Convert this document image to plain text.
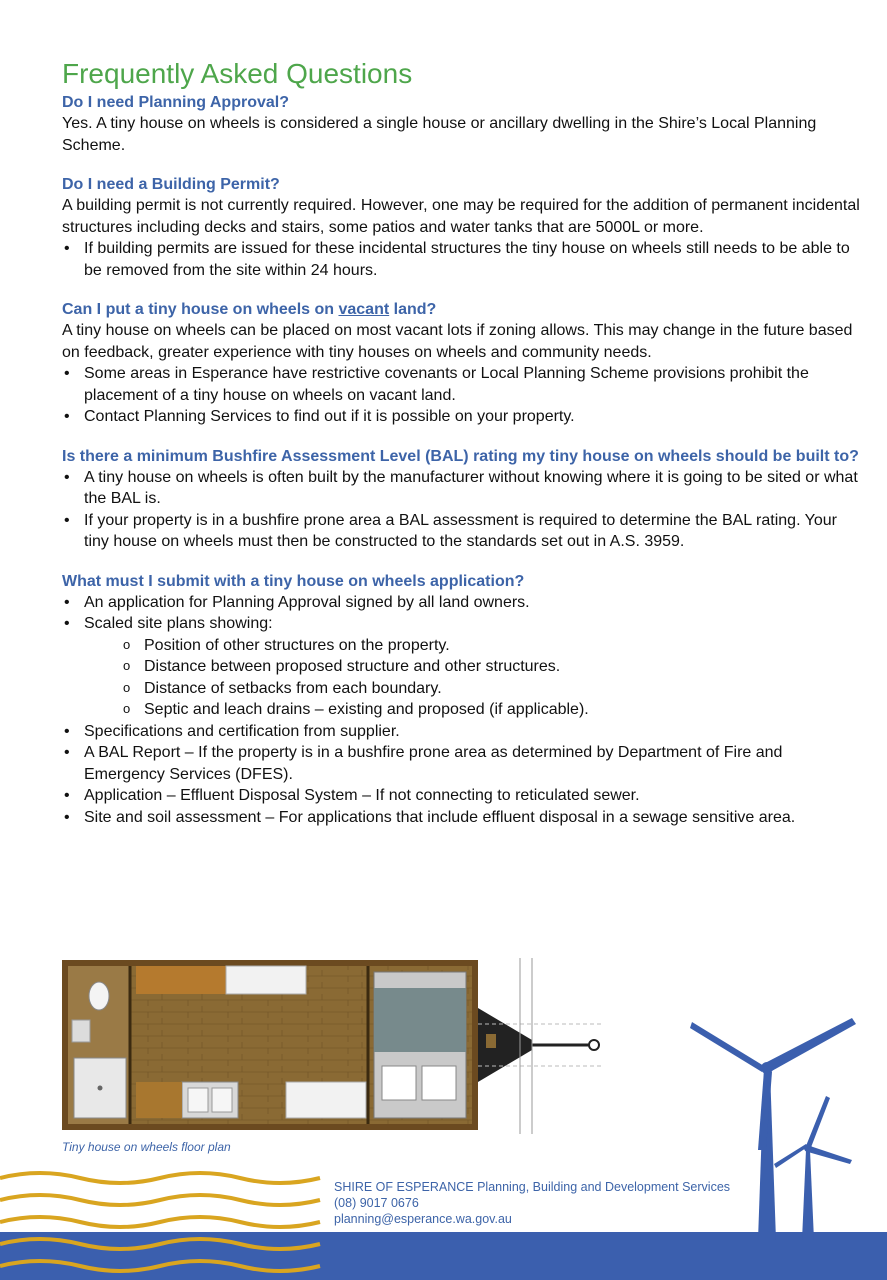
Frequently Asked Questions

Do I need Planning Approval?

Yes. A tiny house on wheels is considered a single house or ancillary dwelling in the Shire’s Local Planning Scheme.

Do I need a Building Permit?

A building permit is not currently required. However, one may be required for the addition of permanent incidental structures including decks and stairs, some patios and water tanks that are 5000L or more.

• If building permits are issued for these incidental structures the tiny house on wheels still needs to be able to be removed from the site within 24 hours.

Can I put a tiny house on wheels on vacant land?

A tiny house on wheels can be placed on most vacant lots if zoning allows. This may change in the future based on feedback, greater experience with tiny houses on wheels and community needs.

• Some areas in Esperance have restrictive covenants or Local Planning Scheme provisions prohibit the placement of a tiny house on wheels on vacant land.
• Contact Planning Services to find out if it is possible on your property.

Is there a minimum Bushfire Assessment Level (BAL) rating my tiny house on wheels should be built to?

• A tiny house on wheels is often built by the manufacturer without knowing where it is going to be sited or what the BAL is.
• If your property is in a bushfire prone area a BAL assessment is required to determine the BAL rating. Your tiny house on wheels must then be constructed to the standards set out in A.S. 3959.

What must I submit with a tiny house on wheels application?

• An application for Planning Approval signed by all land owners.
• Scaled site plans showing:
o Position of other structures on the property.
o Distance between proposed structure and other structures.
o Distance of setbacks from each boundary.
o Septic and leach drains – existing and proposed (if applicable).
• Specifications and certification from supplier.
• A BAL Report – If the property is in a bushfire prone area as determined by Department of Fire and Emergency Services (DFES).
• Application – Effluent Disposal System – If not connecting to reticulated sewer.
• Site and soil assessment – For applications that include effluent disposal in a sewage sensitive area.
Tiny house on wheels floor plan
SHIRE OF ESPERANCE Planning, Building and Development Services
(08) 9017 0676
planning@esperance.wa.gov.au
